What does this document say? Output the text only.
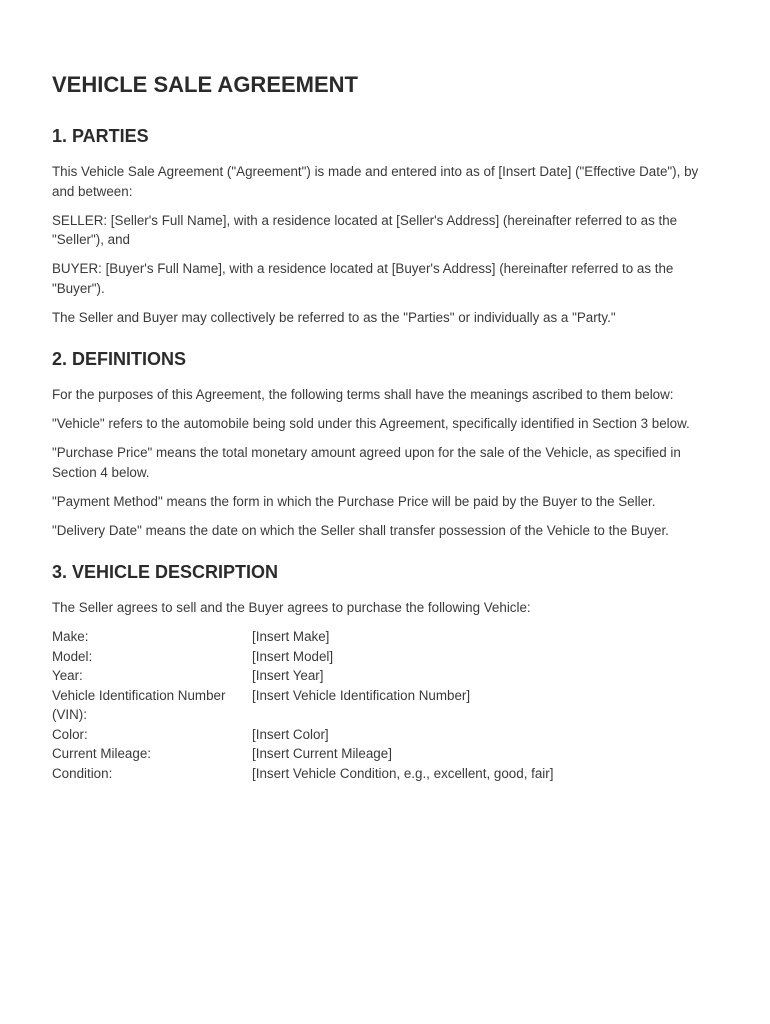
VEHICLE SALE AGREEMENT
1. PARTIES

This Vehicle Sale Agreement ("Agreement") is made and entered into as of [Insert Date] ("Effective Date"), by and between:

SELLER: [Seller's Full Name], with a residence located at [Seller's Address] (hereinafter referred to as the "Seller"), and

BUYER: [Buyer's Full Name], with a residence located at [Buyer's Address] (hereinafter referred to as the "Buyer").

The Seller and Buyer may collectively be referred to as the "Parties" or individually as a "Party."

2. DEFINITIONS

For the purposes of this Agreement, the following terms shall have the meanings ascribed to them below:

"Vehicle" refers to the automobile being sold under this Agreement, specifically identified in Section 3 below.

"Purchase Price" means the total monetary amount agreed upon for the sale of the Vehicle, as specified in Section 4 below.

"Payment Method" means the form in which the Purchase Price will be paid by the Buyer to the Seller.

"Delivery Date" means the date on which the Seller shall transfer possession of the Vehicle to the Buyer.

3. VEHICLE DESCRIPTION

The Seller agrees to sell and the Buyer agrees to purchase the following Vehicle:

Make:	[Insert Make]
Model:	[Insert Model]
Year:	[Insert Year]
Vehicle Identification Number (VIN):	[Insert Vehicle Identification Number]
Color:	[Insert Color]
Current Mileage:	[Insert Current Mileage]
Condition:	[Insert Vehicle Condition, e.g., excellent, good, fair]
